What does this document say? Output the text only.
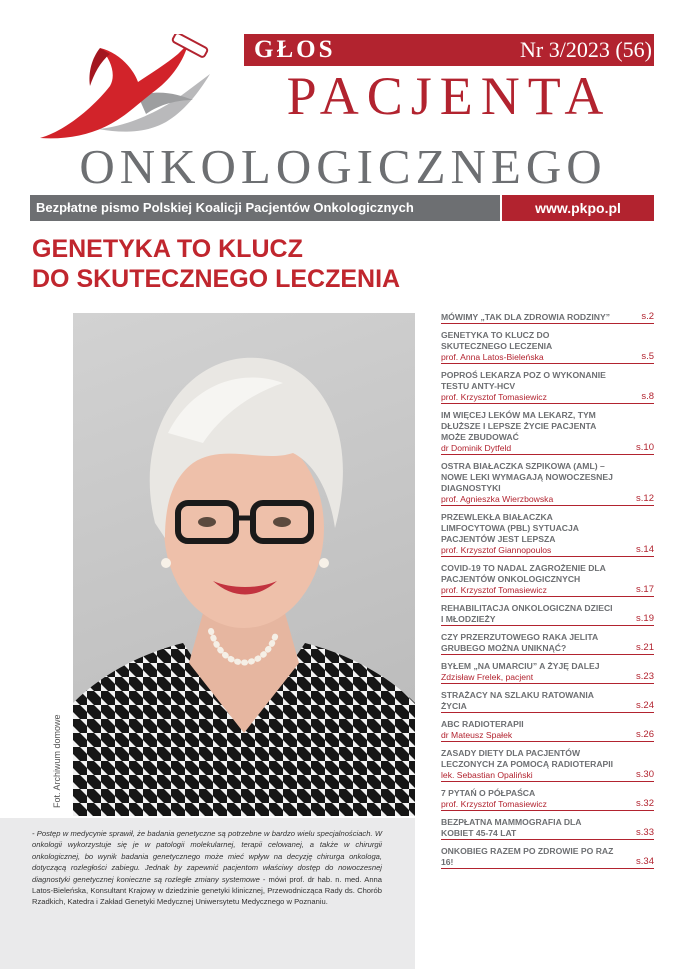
GŁOS	Nr 3/2023 (56)
PACJENTA
ONKOLOGICZNEGO
Bezpłatne pismo Polskiej Koalicji Pacjentów Onkologicznych	www.pkpo.pl
GENETYKA TO KLUCZ
DO SKUTECZNEGO LECZENIA
Fot. Archiwum domowe
- Postęp w medycynie sprawił, że badania genetyczne są potrzebne w bardzo wielu specjalnościach. W onkologii wykorzystuje się je w patologii molekularnej, terapii celowanej, a także w chirurgii onkologicznej, bo wynik badania genetycznego może mieć wpływ na decyzję chirurga onkologa, dotyczącą rozległości zabiegu. Jednak by zapewnić pacjentom właściwy dostęp do nowoczesnej diagnostyki genetycznej konieczne są rozległe zmiany systemowe - mówi prof. dr hab. n. med. Anna Latos-Bieleńska, Konsultant Krajowy w dziedzinie genetyki klinicznej, Przewodnicząca Rady ds. Chorób Rzadkich, Katedra i Zakład Genetyki Medycznej Uniwersytetu Medycznego w Poznaniu.
MÓWIMY „TAK DLA ZDROWIA RODZINY”	s.2
GENETYKA TO KLUCZ DO SKUTECZNEGO LECZENIA
prof. Anna Latos-Bieleńska	s.5
POPROŚ LEKARZA POZ O WYKONANIE TESTU ANTY-HCV
prof. Krzysztof Tomasiewicz	s.8
IM WIĘCEJ LEKÓW MA LEKARZ, TYM DŁUŻSZE I LEPSZE ŻYCIE PACJENTA MOŻE ZBUDOWAĆ
dr Dominik Dytfeld	s.10
OSTRA BIAŁACZKA SZPIKOWA (AML) – NOWE LEKI WYMAGAJĄ NOWOCZESNEJ DIAGNOSTYKI
prof. Agnieszka Wierzbowska	s.12
PRZEWLEKŁA BIAŁACZKA LIMFOCYTOWA (PBL) SYTUACJA PACJENTÓW JEST LEPSZA
prof. Krzysztof Giannopoulos	s.14
COVID-19 TO NADAL ZAGROŻENIE DLA PACJENTÓW ONKOLOGICZNYCH
prof. Krzysztof Tomasiewicz	s.17
REHABILITACJA ONKOLOGICZNA DZIECI I MŁODZIEŻY	s.19
CZY PRZERZUTOWEGO RAKA JELITA GRUBEGO MOŻNA UNIKNĄĆ?	s.21
BYŁEM „NA UMARCIU” A ŻYJĘ DALEJ
Zdzisław Frelek, pacjent	s.23
STRAŻACY NA SZLAKU RATOWANIA ŻYCIA	s.24
ABC RADIOTERAPII
dr Mateusz Spałek	s.26
ZASADY DIETY DLA PACJENTÓW LECZONYCH ZA POMOCĄ RADIOTERAPII
lek. Sebastian Opaliński	s.30
7 PYTAŃ O PÓŁPAŚCA
prof. Krzysztof Tomasiewicz	s.32
BEZPŁATNA MAMMOGRAFIA DLA KOBIET 45-74 LAT	s.33
ONKOBIEG RAZEM PO ZDROWIE PO RAZ 16!	s.34
